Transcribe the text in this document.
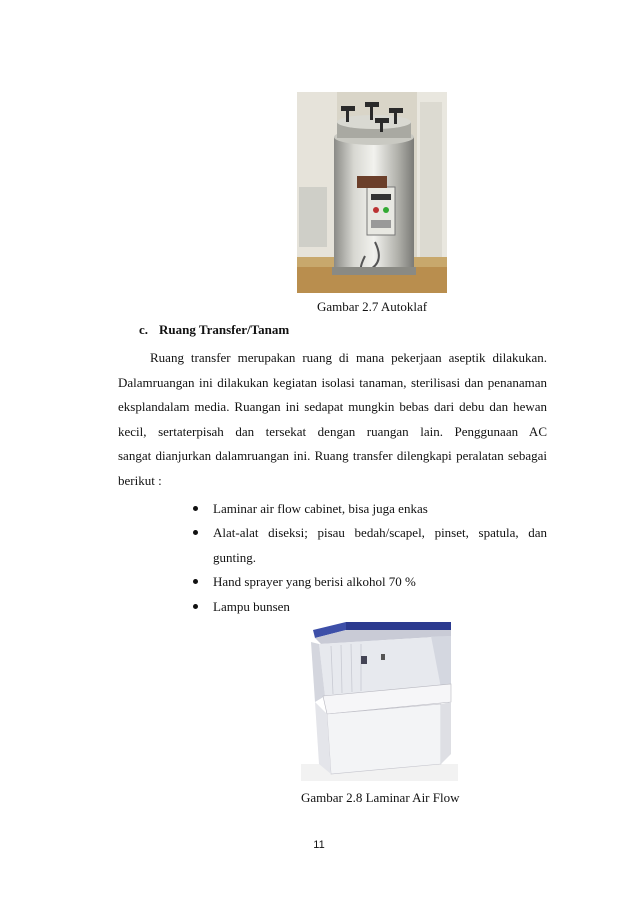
Gambar 2.7 Autoklaf
c. Ruang Transfer/Tanam
Ruang transfer merupakan ruang di mana pekerjaan aseptik dilakukan.
Dalamruangan ini dilakukan kegiatan isolasi tanaman, sterilisasi dan penanaman
eksplandalam media. Ruangan ini sedapat mungkin bebas dari debu dan hewan
kecil, sertaterpisah dan tersekat dengan ruangan lain. Penggunaan AC
sangat dianjurkan dalamruangan ini. Ruang transfer dilengkapi peralatan sebagai
berikut :
Laminar air flow cabinet, bisa juga enkas
Alat-alat diseksi; pisau bedah/scapel, pinset, spatula, dan
gunting.
Hand sprayer yang berisi alkohol 70 %
Lampu bunsen
Gambar 2.8 Laminar Air Flow
11
